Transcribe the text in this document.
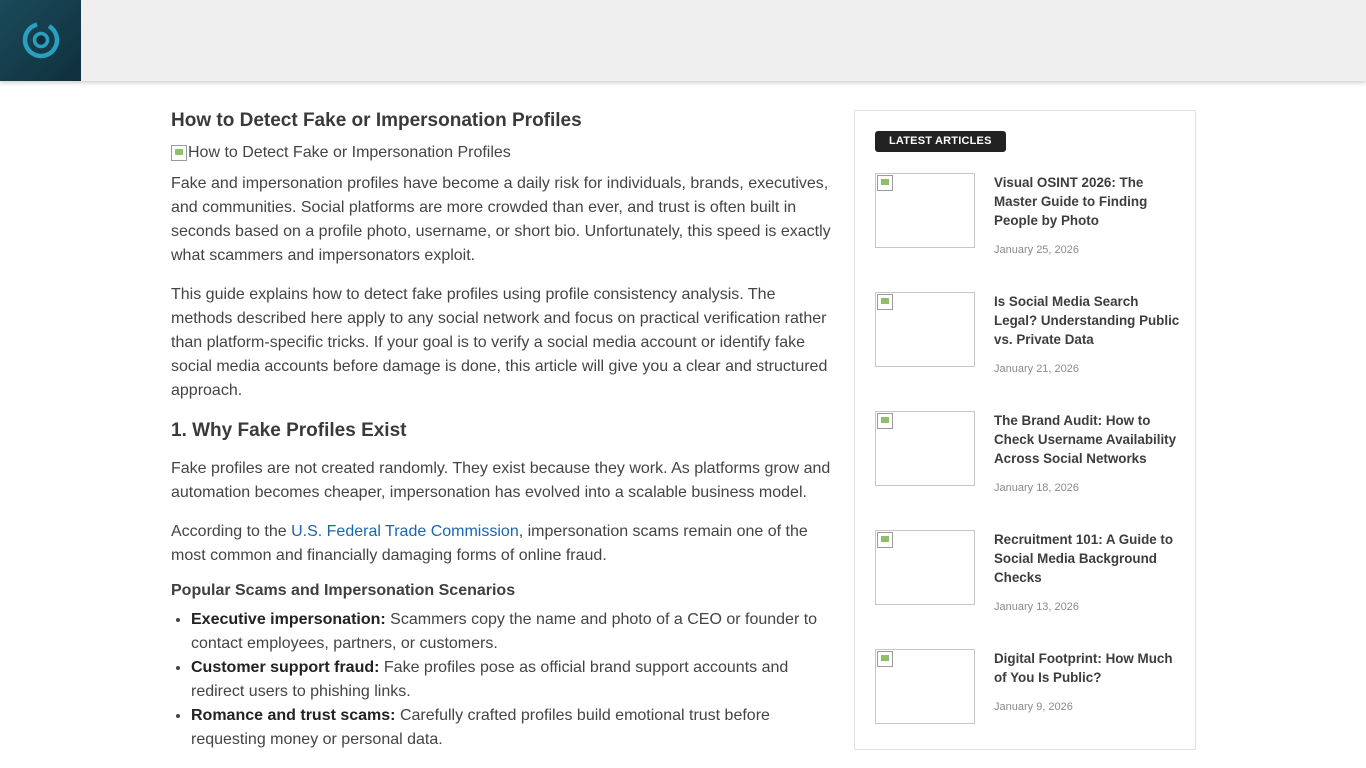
How to Detect Fake or Impersonation Profiles
How to Detect Fake or Impersonation Profiles

Fake and impersonation profiles have become a daily risk for individuals, brands, executives, and communities. Social platforms are more crowded than ever, and trust is often built in seconds based on a profile photo, username, or short bio. Unfortunately, this speed is exactly what scammers and impersonators exploit.

This guide explains how to detect fake profiles using profile consistency analysis. The methods described here apply to any social network and focus on practical verification rather than platform-specific tricks. If your goal is to verify a social media account or identify fake social media accounts before damage is done, this article will give you a clear and structured approach.

1. Why Fake Profiles Exist

Fake profiles are not created randomly. They exist because they work. As platforms grow and automation becomes cheaper, impersonation has evolved into a scalable business model.

According to the U.S. Federal Trade Commission, impersonation scams remain one of the most common and financially damaging forms of online fraud.

Popular Scams and Impersonation Scenarios
• Executive impersonation: Scammers copy the name and photo of a CEO or founder to contact employees, partners, or customers.
• Customer support fraud: Fake profiles pose as official brand support accounts and redirect users to phishing links.
• Romance and trust scams: Carefully crafted profiles build emotional trust before requesting money or personal data.
LATEST ARTICLES
Visual OSINT 2026: The Master Guide to Finding People by Photo
January 25, 2026
Is Social Media Search Legal? Understanding Public vs. Private Data
January 21, 2026
The Brand Audit: How to Check Username Availability Across Social Networks
January 18, 2026
Recruitment 101: A Guide to Social Media Background Checks
January 13, 2026
Digital Footprint: How Much of You Is Public?
January 9, 2026
